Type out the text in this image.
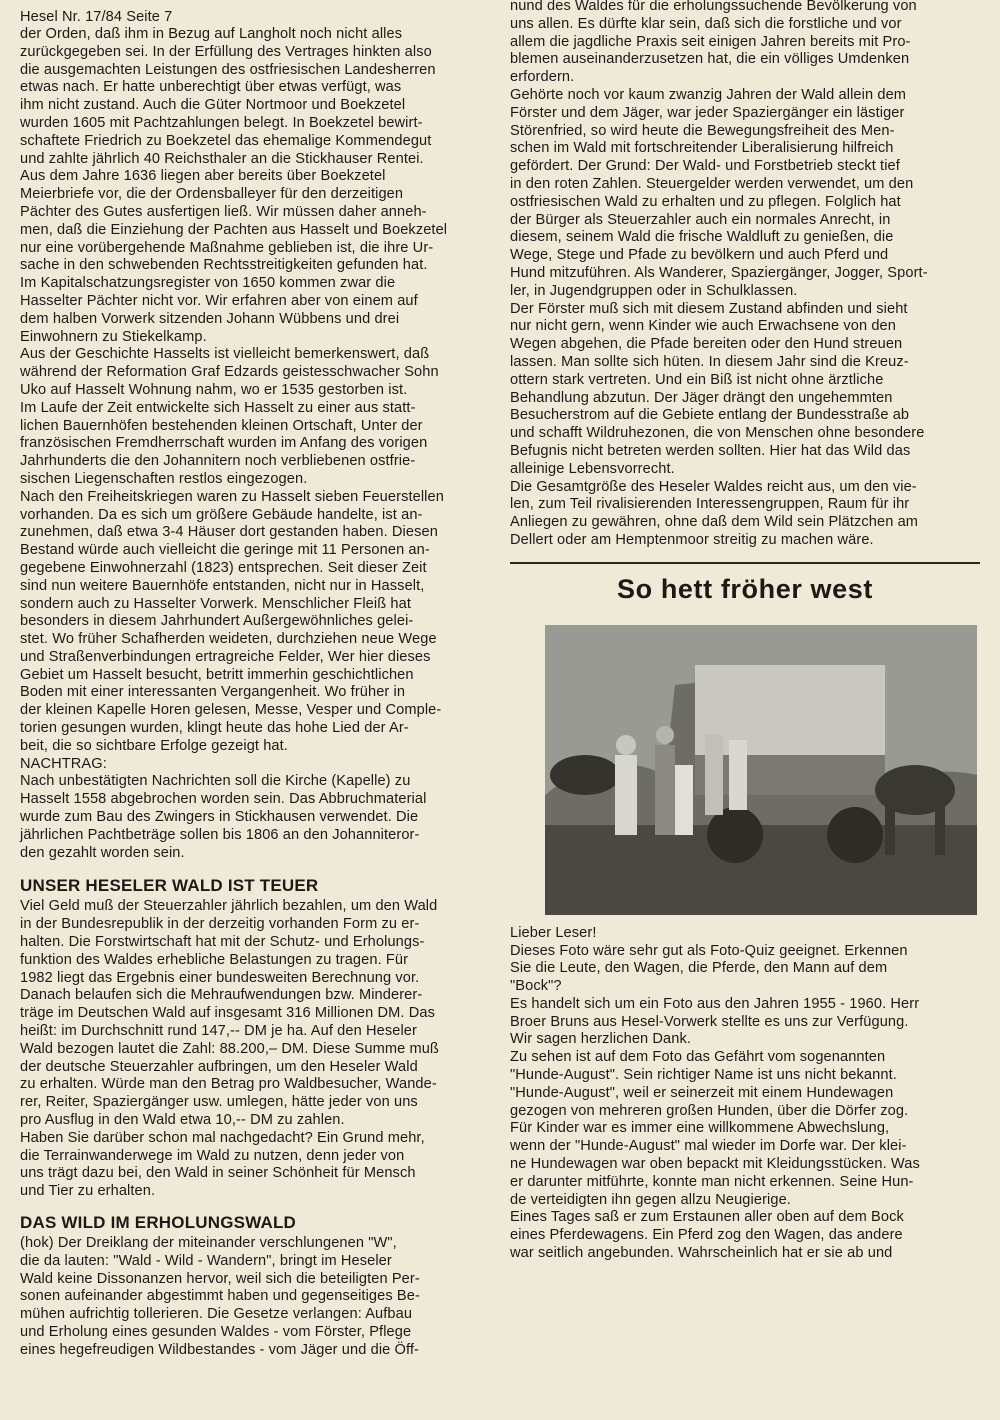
Hesel Nr. 17/84 Seite 7
der Orden, daß ihm in Bezug auf Langholt noch nicht alles
zurückgegeben sei. In der Erfüllung des Vertrages hinkten also
die ausgemachten Leistungen des ostfriesischen Landesherren
etwas nach. Er hatte unberechtigt über etwas verfügt, was
ihm nicht zustand. Auch die Güter Nortmoor und Boekzetel
wurden 1605 mit Pachtzahlungen belegt. In Boekzetel bewirt-
schaftete Friedrich zu Boekzetel das ehemalige Kommendegut
und zahlte jährlich 40 Reichsthaler an die Stickhauser Rentei.
Aus dem Jahre 1636 liegen aber bereits über Boekzetel
Meierbriefe vor, die der Ordensballeyer für den derzeitigen
Pächter des Gutes ausfertigen ließ. Wir müssen daher anneh-
men, daß die Einziehung der Pachten aus Hasselt und Boekzetel
nur eine vorübergehende Maßnahme geblieben ist, die ihre Ur-
sache in den schwebenden Rechtsstreitigkeiten gefunden hat.
Im Kapitalschatzungsregister von 1650 kommen zwar die
Hasselter Pächter nicht vor. Wir erfahren aber von einem auf
dem halben Vorwerk sitzenden Johann Wübbens und drei
Einwohnern zu Stiekelkamp.
Aus der Geschichte Hasselts ist vielleicht bemerkenswert, daß
während der Reformation Graf Edzards geistesschwacher Sohn
Uko auf Hasselt Wohnung nahm, wo er 1535 gestorben ist.
Im Laufe der Zeit entwickelte sich Hasselt zu einer aus statt-
lichen Bauernhöfen bestehenden kleinen Ortschaft, Unter der
französischen Fremdherrschaft wurden im Anfang des vorigen
Jahrhunderts die den Johannitern noch verbliebenen ostfrie-
sischen Liegenschaften restlos eingezogen.
Nach den Freiheitskriegen waren zu Hasselt sieben Feuerstellen
vorhanden. Da es sich um größere Gebäude handelte, ist an-
zunehmen, daß etwa 3-4 Häuser dort gestanden haben. Diesen
Bestand würde auch vielleicht die geringe mit 11 Personen an-
gegebene Einwohnerzahl (1823) entsprechen. Seit dieser Zeit
sind nun weitere Bauernhöfe entstanden, nicht nur in Hasselt,
sondern auch zu Hasselter Vorwerk. Menschlicher Fleiß hat
besonders in diesem Jahrhundert Außergewöhnliches gelei-
stet. Wo früher Schafherden weideten, durchziehen neue Wege
und Straßenverbindungen ertragreiche Felder, Wer hier dieses
Gebiet um Hasselt besucht, betritt immerhin geschichtlichen
Boden mit einer interessanten Vergangenheit. Wo früher in
der kleinen Kapelle Horen gelesen, Messe, Vesper und Comple-
torien gesungen wurden, klingt heute das hohe Lied der Ar-
beit, die so sichtbare Erfolge gezeigt hat.
NACHTRAG:
Nach unbestätigten Nachrichten soll die Kirche (Kapelle) zu
Hasselt 1558 abgebrochen worden sein. Das Abbruchmaterial
wurde zum Bau des Zwingers in Stickhausen verwendet. Die
jährlichen Pachtbeträge sollen bis 1806 an den Johanniteror-
den gezahlt worden sein.
UNSER HESELER WALD IST TEUER
Viel Geld muß der Steuerzahler jährlich bezahlen, um den Wald
in der Bundesrepublik in der derzeitig vorhanden Form zu er-
halten. Die Forstwirtschaft hat mit der Schutz- und Erholungs-
funktion des Waldes erhebliche Belastungen zu tragen. Für
1982 liegt das Ergebnis einer bundesweiten Berechnung vor.
Danach belaufen sich die Mehraufwendungen bzw. Minderer-
träge im Deutschen Wald auf insgesamt 316 Millionen DM. Das
heißt: im Durchschnitt rund 147,-- DM je ha. Auf den Heseler
Wald bezogen lautet die Zahl: 88.200,– DM. Diese Summe muß
der deutsche Steuerzahler aufbringen, um den Heseler Wald
zu erhalten. Würde man den Betrag pro Waldbesucher, Wande-
rer, Reiter, Spaziergänger usw. umlegen, hätte jeder von uns
pro Ausflug in den Wald etwa 10,-- DM zu zahlen.
Haben Sie darüber schon mal nachgedacht? Ein Grund mehr,
die Terrainwanderwege im Wald zu nutzen, denn jeder von
uns trägt dazu bei, den Wald in seiner Schönheit für Mensch
und Tier zu erhalten.
DAS WILD IM ERHOLUNGSWALD
(hok) Der Dreiklang der miteinander verschlungenen "W",
die da lauten: "Wald - Wild - Wandern", bringt im Heseler
Wald keine Dissonanzen hervor, weil sich die beteiligten Per-
sonen aufeinander abgestimmt haben und gegenseitiges Be-
mühen aufrichtig tollerieren. Die Gesetze verlangen: Aufbau
und Erholung eines gesunden Waldes - vom Förster, Pflege
eines hegefreudigen Wildbestandes - vom Jäger und die Öff-
nund des Waldes für die erholungssuchende Bevölkerung von
uns allen. Es dürfte klar sein, daß sich die forstliche und vor
allem die jagdliche Praxis seit einigen Jahren bereits mit Pro-
blemen auseinanderzusetzen hat, die ein völliges Umdenken
erfordern.
Gehörte noch vor kaum zwanzig Jahren der Wald allein dem
Förster und dem Jäger, war jeder Spaziergänger ein lästiger
Störenfried, so wird heute die Bewegungsfreiheit des Men-
schen im Wald mit fortschreitender Liberalisierung hilfreich
gefördert. Der Grund: Der Wald- und Forstbetrieb steckt tief
in den roten Zahlen. Steuergelder werden verwendet, um den
ostfriesischen Wald zu erhalten und zu pflegen. Folglich hat
der Bürger als Steuerzahler auch ein normales Anrecht, in
diesem, seinem Wald die frische Waldluft zu genießen, die
Wege, Stege und Pfade zu bevölkern und auch Pferd und
Hund mitzuführen. Als Wanderer, Spaziergänger, Jogger, Sport-
ler, in Jugendgruppen oder in Schulklassen.
Der Förster muß sich mit diesem Zustand abfinden und sieht
nur nicht gern, wenn Kinder wie auch Erwachsene von den
Wegen abgehen, die Pfade bereiten oder den Hund streuen
lassen. Man sollte sich hüten. In diesem Jahr sind die Kreuz-
ottern stark vertreten. Und ein Biß ist nicht ohne ärztliche
Behandlung abzutun. Der Jäger drängt den ungehemmten
Besucherstrom auf die Gebiete entlang der Bundesstraße ab
und schafft Wildruhezonen, die von Menschen ohne besondere
Befugnis nicht betreten werden sollten. Hier hat das Wild das
alleinige Lebensvorrecht.
Die Gesamtgröße des Heseler Waldes reicht aus, um den vie-
len, zum Teil rivalisierenden Interessengruppen, Raum für ihr
Anliegen zu gewähren, ohne daß dem Wild sein Plätzchen am
Dellert oder am Hemptenmoor streitig zu machen wäre.
So hett fröher west
Lieber Leser!
Dieses Foto wäre sehr gut als Foto-Quiz geeignet. Erkennen
Sie die Leute, den Wagen, die Pferde, den Mann auf dem
"Bock"?
Es handelt sich um ein Foto aus den Jahren 1955 - 1960. Herr
Broer Bruns aus Hesel-Vorwerk stellte es uns zur Verfügung.
Wir sagen herzlichen Dank.
Zu sehen ist auf dem Foto das Gefährt vom sogenannten
"Hunde-August". Sein richtiger Name ist uns nicht bekannt.
"Hunde-August", weil er seinerzeit mit einem Hundewagen
gezogen von mehreren großen Hunden, über die Dörfer zog.
Für Kinder war es immer eine willkommene Abwechslung,
wenn der "Hunde-August" mal wieder im Dorfe war. Der klei-
ne Hundewagen war oben bepackt mit Kleidungsstücken. Was
er darunter mitführte, konnte man nicht erkennen. Seine Hun-
de verteidigten ihn gegen allzu Neugierige.
Eines Tages saß er zum Erstaunen aller oben auf dem Bock
eines Pferdewagens. Ein Pferd zog den Wagen, das andere
war seitlich angebunden. Wahrscheinlich hat er sie ab und
